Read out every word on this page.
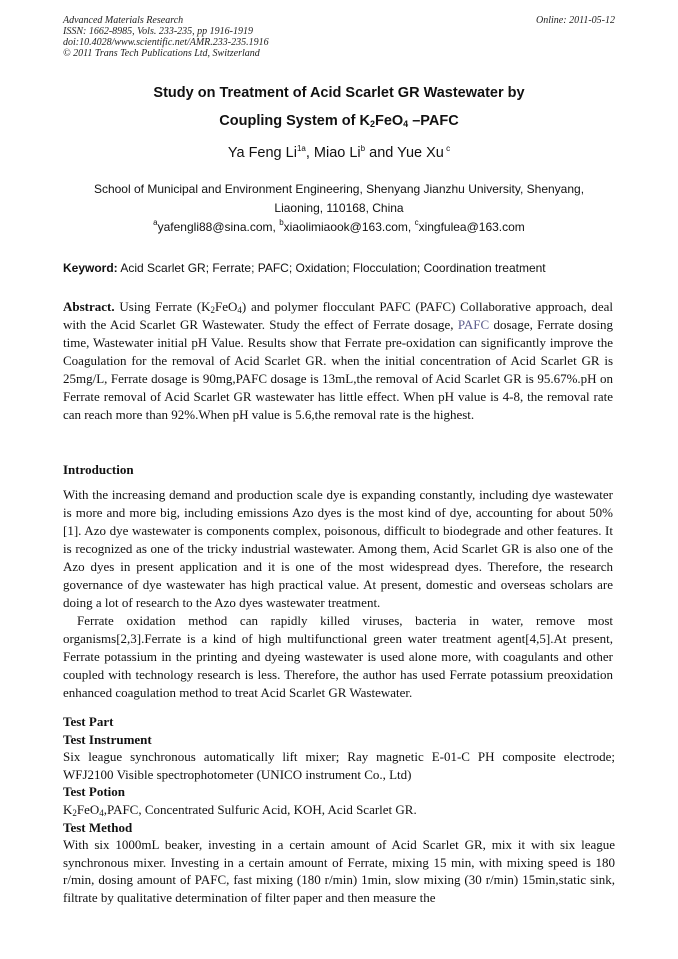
Advanced Materials Research
ISSN: 1662-8985, Vols. 233-235, pp 1916-1919
doi:10.4028/www.scientific.net/AMR.233-235.1916
© 2011 Trans Tech Publications Ltd, Switzerland
Online: 2011-05-12
Study on Treatment of Acid Scarlet GR Wastewater by
Coupling System of $K_2FeO_4$ –PAFC
Ya Feng $Li^{1a}$, Miao Li$^b$ and Yue Xu $^c$
School of Municipal and Environment Engineering, Shenyang Jianzhu University, Shenyang, Liaoning, 110168, China
$^a$yafengli88@sina.com, $^b$xiaolimiaook@163.com, $^c$xingfulea@163.com
Keyword: Acid Scarlet GR; Ferrate; PAFC; Oxidation; Flocculation; Coordination treatment
Abstract. Using Ferrate $(K_2FeO_4)$ and polymer flocculant PAFC (PAFC) Collaborative approach, deal with the Acid Scarlet GR Wastewater. Study the effect of Ferrate dosage, PAFC dosage, Ferrate dosing time, Wastewater initial pH Value. Results show that Ferrate pre-oxidation can significantly improve the Coagulation for the removal of Acid Scarlet GR. when the initial concentration of Acid Scarlet GR is 25mg/L, Ferrate dosage is 90mg,PAFC dosage is 13mL,the removal of Acid Scarlet GR is 95.67%.pH on Ferrate removal of Acid Scarlet GR wastewater has little effect. When pH value is 4-8, the removal rate can reach more than 92%.When pH value is 5.6,the removal rate is the highest.
Introduction
With the increasing demand and production scale dye is expanding constantly, including dye wastewater is more and more big, including emissions Azo dyes is the most kind of dye, accounting for about 50%[1]. Azo dye wastewater is components complex, poisonous, difficult to biodegrade and other features. It is recognized as one of the tricky industrial wastewater. Among them, Acid Scarlet GR is also one of the Azo dyes in present application and it is one of the most widespread dyes. Therefore, the research governance of dye wastewater has high practical value. At present, domestic and overseas scholars are doing a lot of research to the Azo dyes wastewater treatment.
Ferrate oxidation method can rapidly killed viruses, bacteria in water, remove most organisms[2,3].Ferrate is a kind of high multifunctional green water treatment agent[4,5].At present, Ferrate potassium in the printing and dyeing wastewater is used alone more, with coagulants and other coupled with technology research is less. Therefore, the author has used Ferrate potassium preoxidation enhanced coagulation method to treat Acid Scarlet GR Wastewater.
Test Part
Test Instrument
Six league synchronous automatically lift mixer; Ray magnetic E-01-C PH composite electrode; WFJ2100 Visible spectrophotometer (UNICO instrument Co., Ltd)
Test Potion
$K_2FeO_4,PAFC$, Concentrated Sulfuric Acid, KOH, Acid Scarlet GR.
Test Method
With six 1000mL beaker, investing in a certain amount of Acid Scarlet GR, mix it with six league synchronous mixer. Investing in a certain amount of Ferrate, mixing 15 min, with mixing speed is 180 r/min, dosing amount of PAFC, fast mixing (180 r/min) 1min, slow mixing (30 r/min) 15min,static sink, filtrate by qualitative determination of filter paper and then measure the
